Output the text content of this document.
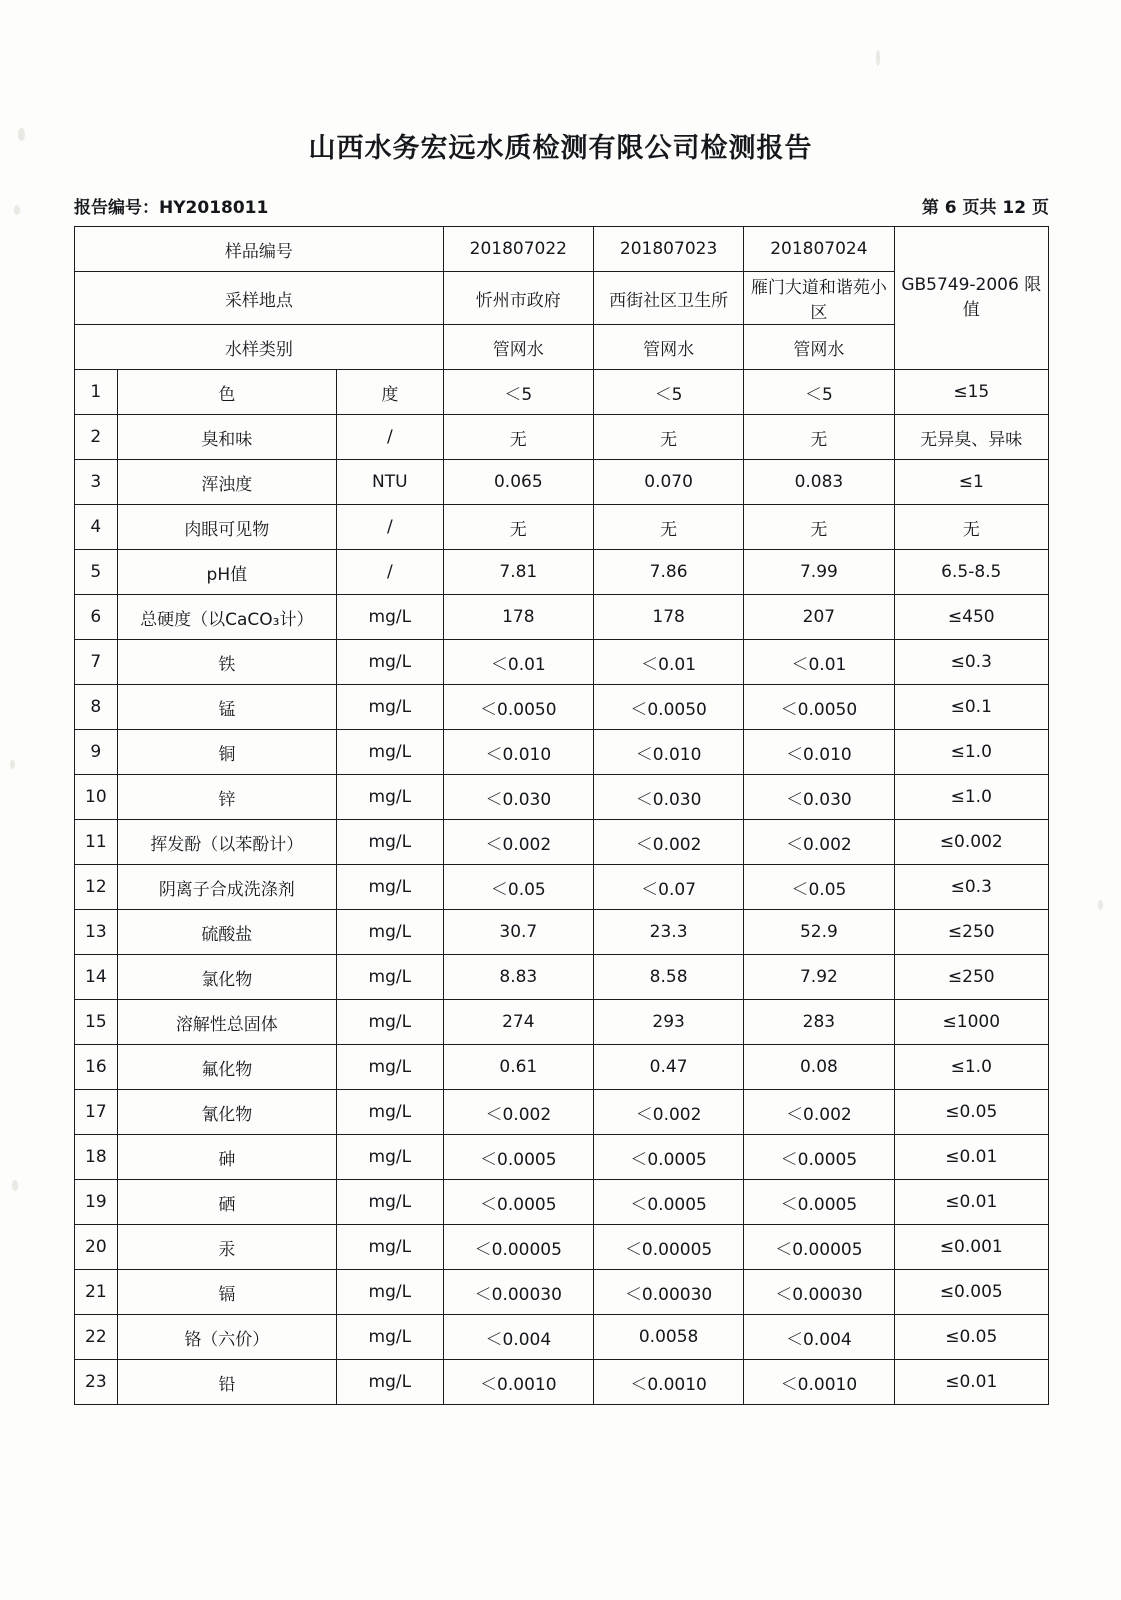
山西水务宏远水质检测有限公司检测报告
报告编号：HY2018011	第 6 页共 12 页
样品编号			201807022	201807023	201807024	GB5749-2006 限值
采样地点			忻州市政府	西街社区卫生所	雁门大道和谐苑小区	
水样类别			管网水	管网水	管网水	
1	色	度	＜5	＜5	＜5	≤15
2	臭和味	/	无	无	无	无异臭、异味
3	浑浊度	NTU	0.065	0.070	0.083	≤1
4	肉眼可见物	/	无	无	无	无
5	pH值	/	7.81	7.86	7.99	6.5-8.5
6	总硬度（以CaCO₃计）	mg/L	178	178	207	≤450
7	铁	mg/L	＜0.01	＜0.01	＜0.01	≤0.3
8	锰	mg/L	＜0.0050	＜0.0050	＜0.0050	≤0.1
9	铜	mg/L	＜0.010	＜0.010	＜0.010	≤1.0
10	锌	mg/L	＜0.030	＜0.030	＜0.030	≤1.0
11	挥发酚（以苯酚计）	mg/L	＜0.002	＜0.002	＜0.002	≤0.002
12	阴离子合成洗涤剂	mg/L	＜0.05	＜0.07	＜0.05	≤0.3
13	硫酸盐	mg/L	30.7	23.3	52.9	≤250
14	氯化物	mg/L	8.83	8.58	7.92	≤250
15	溶解性总固体	mg/L	274	293	283	≤1000
16	氟化物	mg/L	0.61	0.47	0.08	≤1.0
17	氰化物	mg/L	＜0.002	＜0.002	＜0.002	≤0.05
18	砷	mg/L	＜0.0005	＜0.0005	＜0.0005	≤0.01
19	硒	mg/L	＜0.0005	＜0.0005	＜0.0005	≤0.01
20	汞	mg/L	＜0.00005	＜0.00005	＜0.00005	≤0.001
21	镉	mg/L	＜0.00030	＜0.00030	＜0.00030	≤0.005
22	铬（六价）	mg/L	＜0.004	0.0058	＜0.004	≤0.05
23	铅	mg/L	＜0.0010	＜0.0010	＜0.0010	≤0.01
